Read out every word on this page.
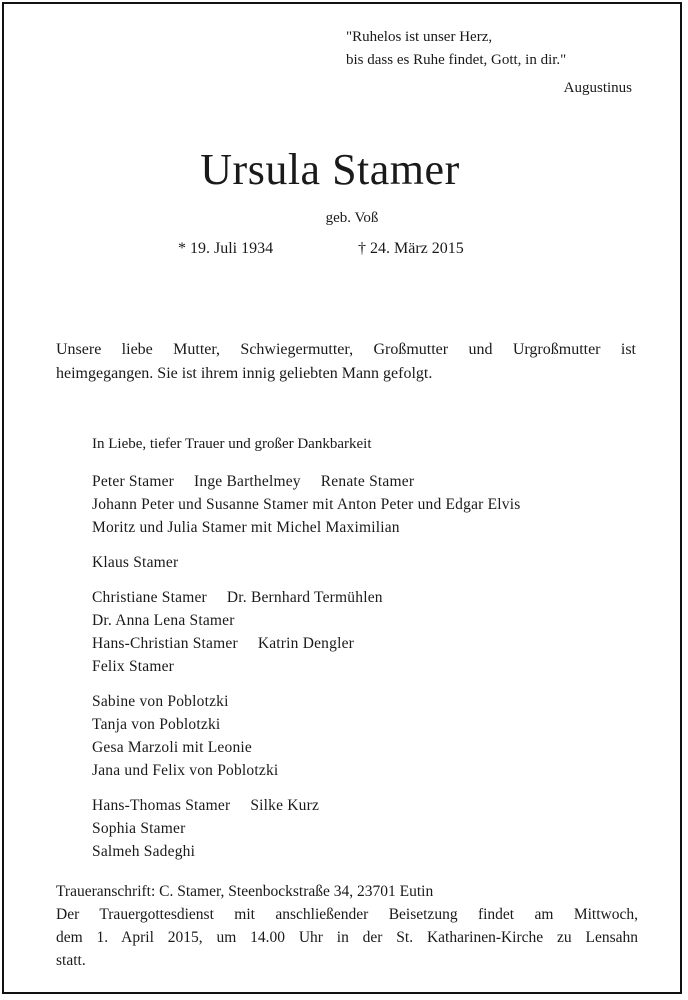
"Ruhelos ist unser Herz,
bis dass es Ruhe findet, Gott, in dir."
Augustinus
Ursula Stamer
geb. Voß
* 19. Juli 1934	† 24. März 2015
Unsere liebe Mutter, Schwiegermutter, Großmutter und Urgroßmutter ist
heimgegangen. Sie ist ihrem innig geliebten Mann gefolgt.
In Liebe, tiefer Trauer und großer Dankbarkeit
Peter Stamer Inge Barthelmey Renate Stamer
Johann Peter und Susanne Stamer mit Anton Peter und Edgar Elvis
Moritz und Julia Stamer mit Michel Maximilian
Klaus Stamer
Christiane Stamer Dr. Bernhard Termühlen
Dr. Anna Lena Stamer
Hans-Christian Stamer Katrin Dengler
Felix Stamer
Sabine von Poblotzki
Tanja von Poblotzki
Gesa Marzoli mit Leonie
Jana und Felix von Poblotzki
Hans-Thomas Stamer Silke Kurz
Sophia Stamer
Salmeh Sadeghi
Traueranschrift: C. Stamer, Steenbockstraße 34, 23701 Eutin
Der Trauergottesdienst mit anschließender Beisetzung findet am Mittwoch,
dem 1. April 2015, um 14.00 Uhr in der St. Katharinen-Kirche zu Lensahn
statt.
